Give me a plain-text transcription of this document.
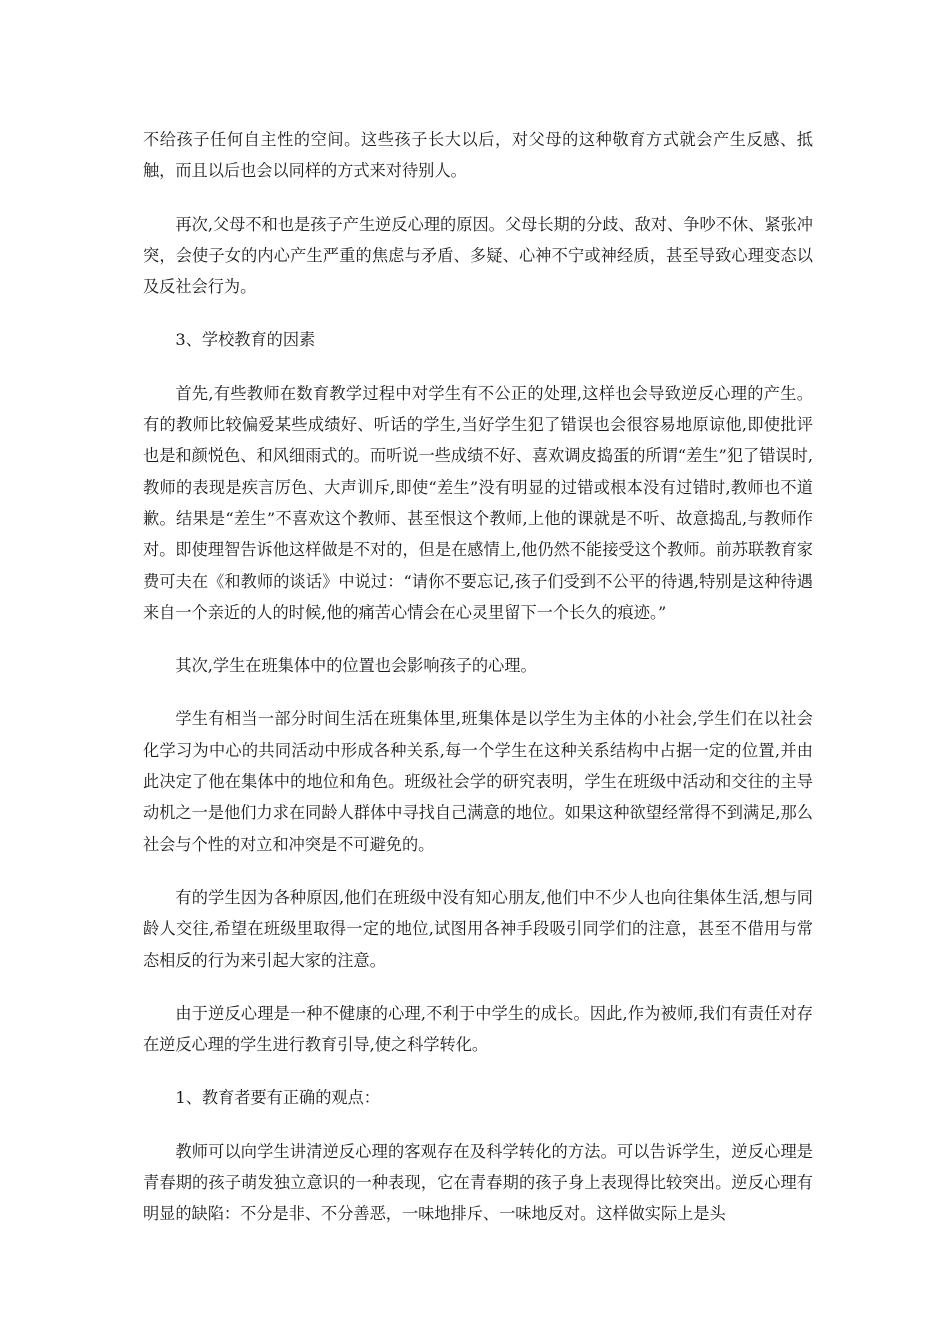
不给孩子任何自主性的空间。这些孩子长大以后，对父母的这种敬育方式就会产生反感、抵触，而且以后也会以同样的方式来对待别人。

再次,父母不和也是孩子产生逆反心理的原因。父母长期的分歧、敌对、争吵不休、紧张冲突，会使子女的内心产生严重的焦虑与矛盾、多疑、心神不宁或神经质，甚至导致心理变态以及反社会行为。

3、学校教育的因素

首先,有些教师在数育教学过程中对学生有不公正的处理,这样也会导致逆反心理的产生。有的教师比较偏爱某些成绩好、听话的学生,当好学生犯了错误也会很容易地原谅他,即使批评也是和颜悦色、和风细雨式的。而听说一些成绩不好、喜欢调皮捣蛋的所谓“差生”犯了错误时,教师的表现是疾言厉色、大声训斥,即使“差生”没有明显的过错或根本没有过错时,教师也不道歉。结果是“差生”不喜欢这个教师、甚至恨这个教师,上他的课就是不听、故意捣乱,与教师作对。即使理智告诉他这样做是不对的，但是在感情上,他仍然不能接受这个教师。前苏联教育家费可夫在《和教师的谈话》中说过：“请你不要忘记,孩子们受到不公平的待遇,特别是这种待遇来自一个亲近的人的时候,他的痛苦心情会在心灵里留下一个长久的痕迹。”

其次,学生在班集体中的位置也会影响孩子的心理。

学生有相当一部分时间生活在班集体里,班集体是以学生为主体的小社会,学生们在以社会化学习为中心的共同活动中形成各种关系,每一个学生在这种关系结构中占据一定的位置,并由此决定了他在集体中的地位和角色。班级社会学的研究表明，学生在班级中活动和交往的主导动机之一是他们力求在同龄人群体中寻找自己满意的地位。如果这种欲望经常得不到满足,那么社会与个性的对立和冲突是不可避免的。

有的学生因为各种原因,他们在班级中没有知心朋友,他们中不少人也向往集体生活,想与同龄人交往,希望在班级里取得一定的地位,试图用各神手段吸引同学们的注意，甚至不借用与常态相反的行为来引起大家的注意。

由于逆反心理是一种不健康的心理,不利于中学生的成长。因此,作为被师,我们有责任对存在逆反心理的学生进行教育引导,使之科学转化。

1、教育者要有正确的观点：

教师可以向学生讲清逆反心理的客观存在及科学转化的方法。可以告诉学生，逆反心理是青春期的孩子萌发独立意识的一种表现，它在青春期的孩子身上表现得比较突出。逆反心理有明显的缺陷：不分是非、不分善恶，一味地排斥、一味地反对。这样做实际上是头
